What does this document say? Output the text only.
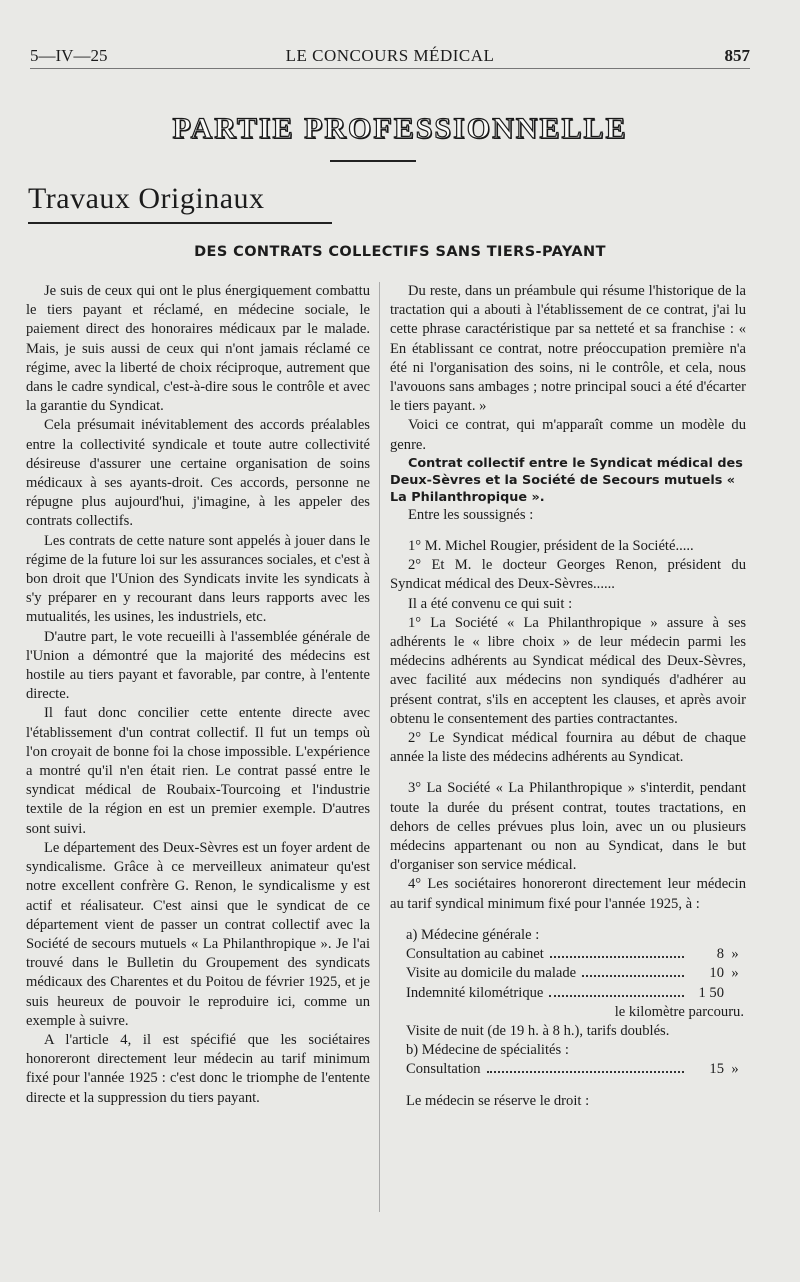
5—IV—25	LE CONCOURS MÉDICAL	857
PARTIE PROFESSIONNELLE
Travaux Originaux
DES CONTRATS COLLECTIFS SANS TIERS-PAYANT

Je suis de ceux qui ont le plus énergiquement combattu le tiers payant et réclamé, en médecine sociale, le paiement direct des honoraires médicaux par le malade. Mais, je suis aussi de ceux qui n'ont jamais réclamé ce régime, avec la liberté de choix réciproque, autrement que dans le cadre syndical, c'est-à-dire sous le contrôle et avec la garantie du Syndicat.

Cela présumait inévitablement des accords préalables entre la collectivité syndicale et toute autre collectivité désireuse d'assurer une certaine organisation de soins médicaux à ses ayants-droit. Ces accords, personne ne répugne plus aujourd'hui, j'imagine, à les appeler des contrats collectifs.

Les contrats de cette nature sont appelés à jouer dans le régime de la future loi sur les assurances sociales, et c'est à bon droit que l'Union des Syndicats invite les syndicats à s'y préparer en y recourant dans leurs rapports avec les mutualités, les usines, les industriels, etc.

D'autre part, le vote recueilli à l'assemblée générale de l'Union a démontré que la majorité des médecins est hostile au tiers payant et favorable, par contre, à l'entente directe.

Il faut donc concilier cette entente directe avec l'établissement d'un contrat collectif. Il fut un temps où l'on croyait de bonne foi la chose impossible. L'expérience a montré qu'il n'en était rien. Le contrat passé entre le syndicat médical de Roubaix-Tourcoing et l'industrie textile de la région en est un premier exemple. D'autres sont suivi.

Le département des Deux-Sèvres est un foyer ardent de syndicalisme. Grâce à ce merveilleux animateur qu'est notre excellent confrère G. Renon, le syndicalisme y est actif et réalisateur. C'est ainsi que le syndicat de ce département vient de passer un contrat collectif avec la Société de secours mutuels « La Philanthropique ». Je l'ai trouvé dans le Bulletin du Groupement des syndicats médicaux des Charentes et du Poitou de février 1925, et je suis heureux de pouvoir le reproduire ici, comme un exemple à suivre.

A l'article 4, il est spécifié que les sociétaires honoreront directement leur médecin au tarif minimum fixé pour l'année 1925 : c'est donc le triomphe de l'entente directe et la suppression du tiers payant.

Du reste, dans un préambule qui résume l'historique de la tractation qui a abouti à l'établissement de ce contrat, j'ai lu cette phrase caractéristique par sa netteté et sa franchise : « En établissant ce contrat, notre préoccupation première n'a été ni l'organisation des soins, ni le contrôle, et cela, nous l'avouons sans ambages ; notre principal souci a été d'écarter le tiers payant. »

Voici ce contrat, qui m'apparaît comme un modèle du genre.

Contrat collectif entre le Syndicat médical des Deux-Sèvres et la Société de Secours mutuels « La Philanthropique ».

Entre les soussignés :

1° M. Michel Rougier, président de la Société.....

2° Et M. le docteur Georges Renon, président du Syndicat médical des Deux-Sèvres......

Il a été convenu ce qui suit :

1° La Société « La Philanthropique » assure à ses adhérents le « libre choix » de leur médecin parmi les médecins adhérents au Syndicat médical des Deux-Sèvres, avec facilité aux médecins non syndiqués d'adhérer au présent contrat, s'ils en acceptent les clauses, et après avoir obtenu le consentement des parties contractantes.

2° Le Syndicat médical fournira au début de chaque année la liste des médecins adhérents au Syndicat.

3° La Société « La Philanthropique » s'interdit, pendant toute la durée du présent contrat, toutes tractations, en dehors de celles prévues plus loin, avec un ou plusieurs médecins appartenant ou non au Syndicat, dans le but d'organiser son service médical.

4° Les sociétaires honoreront directement leur médecin au tarif syndical minimum fixé pour l'année 1925, à :

a) Médecine générale :

Consultation au cabinet	8 »
Visite au domicile du malade	10 »
Indemnité kilométrique	1 50
le kilomètre parcouru.

Visite de nuit (de 19 h. à 8 h.), tarifs doublés.

b) Médecine de spécialités :

Consultation	15 »

Le médecin se réserve le droit :
